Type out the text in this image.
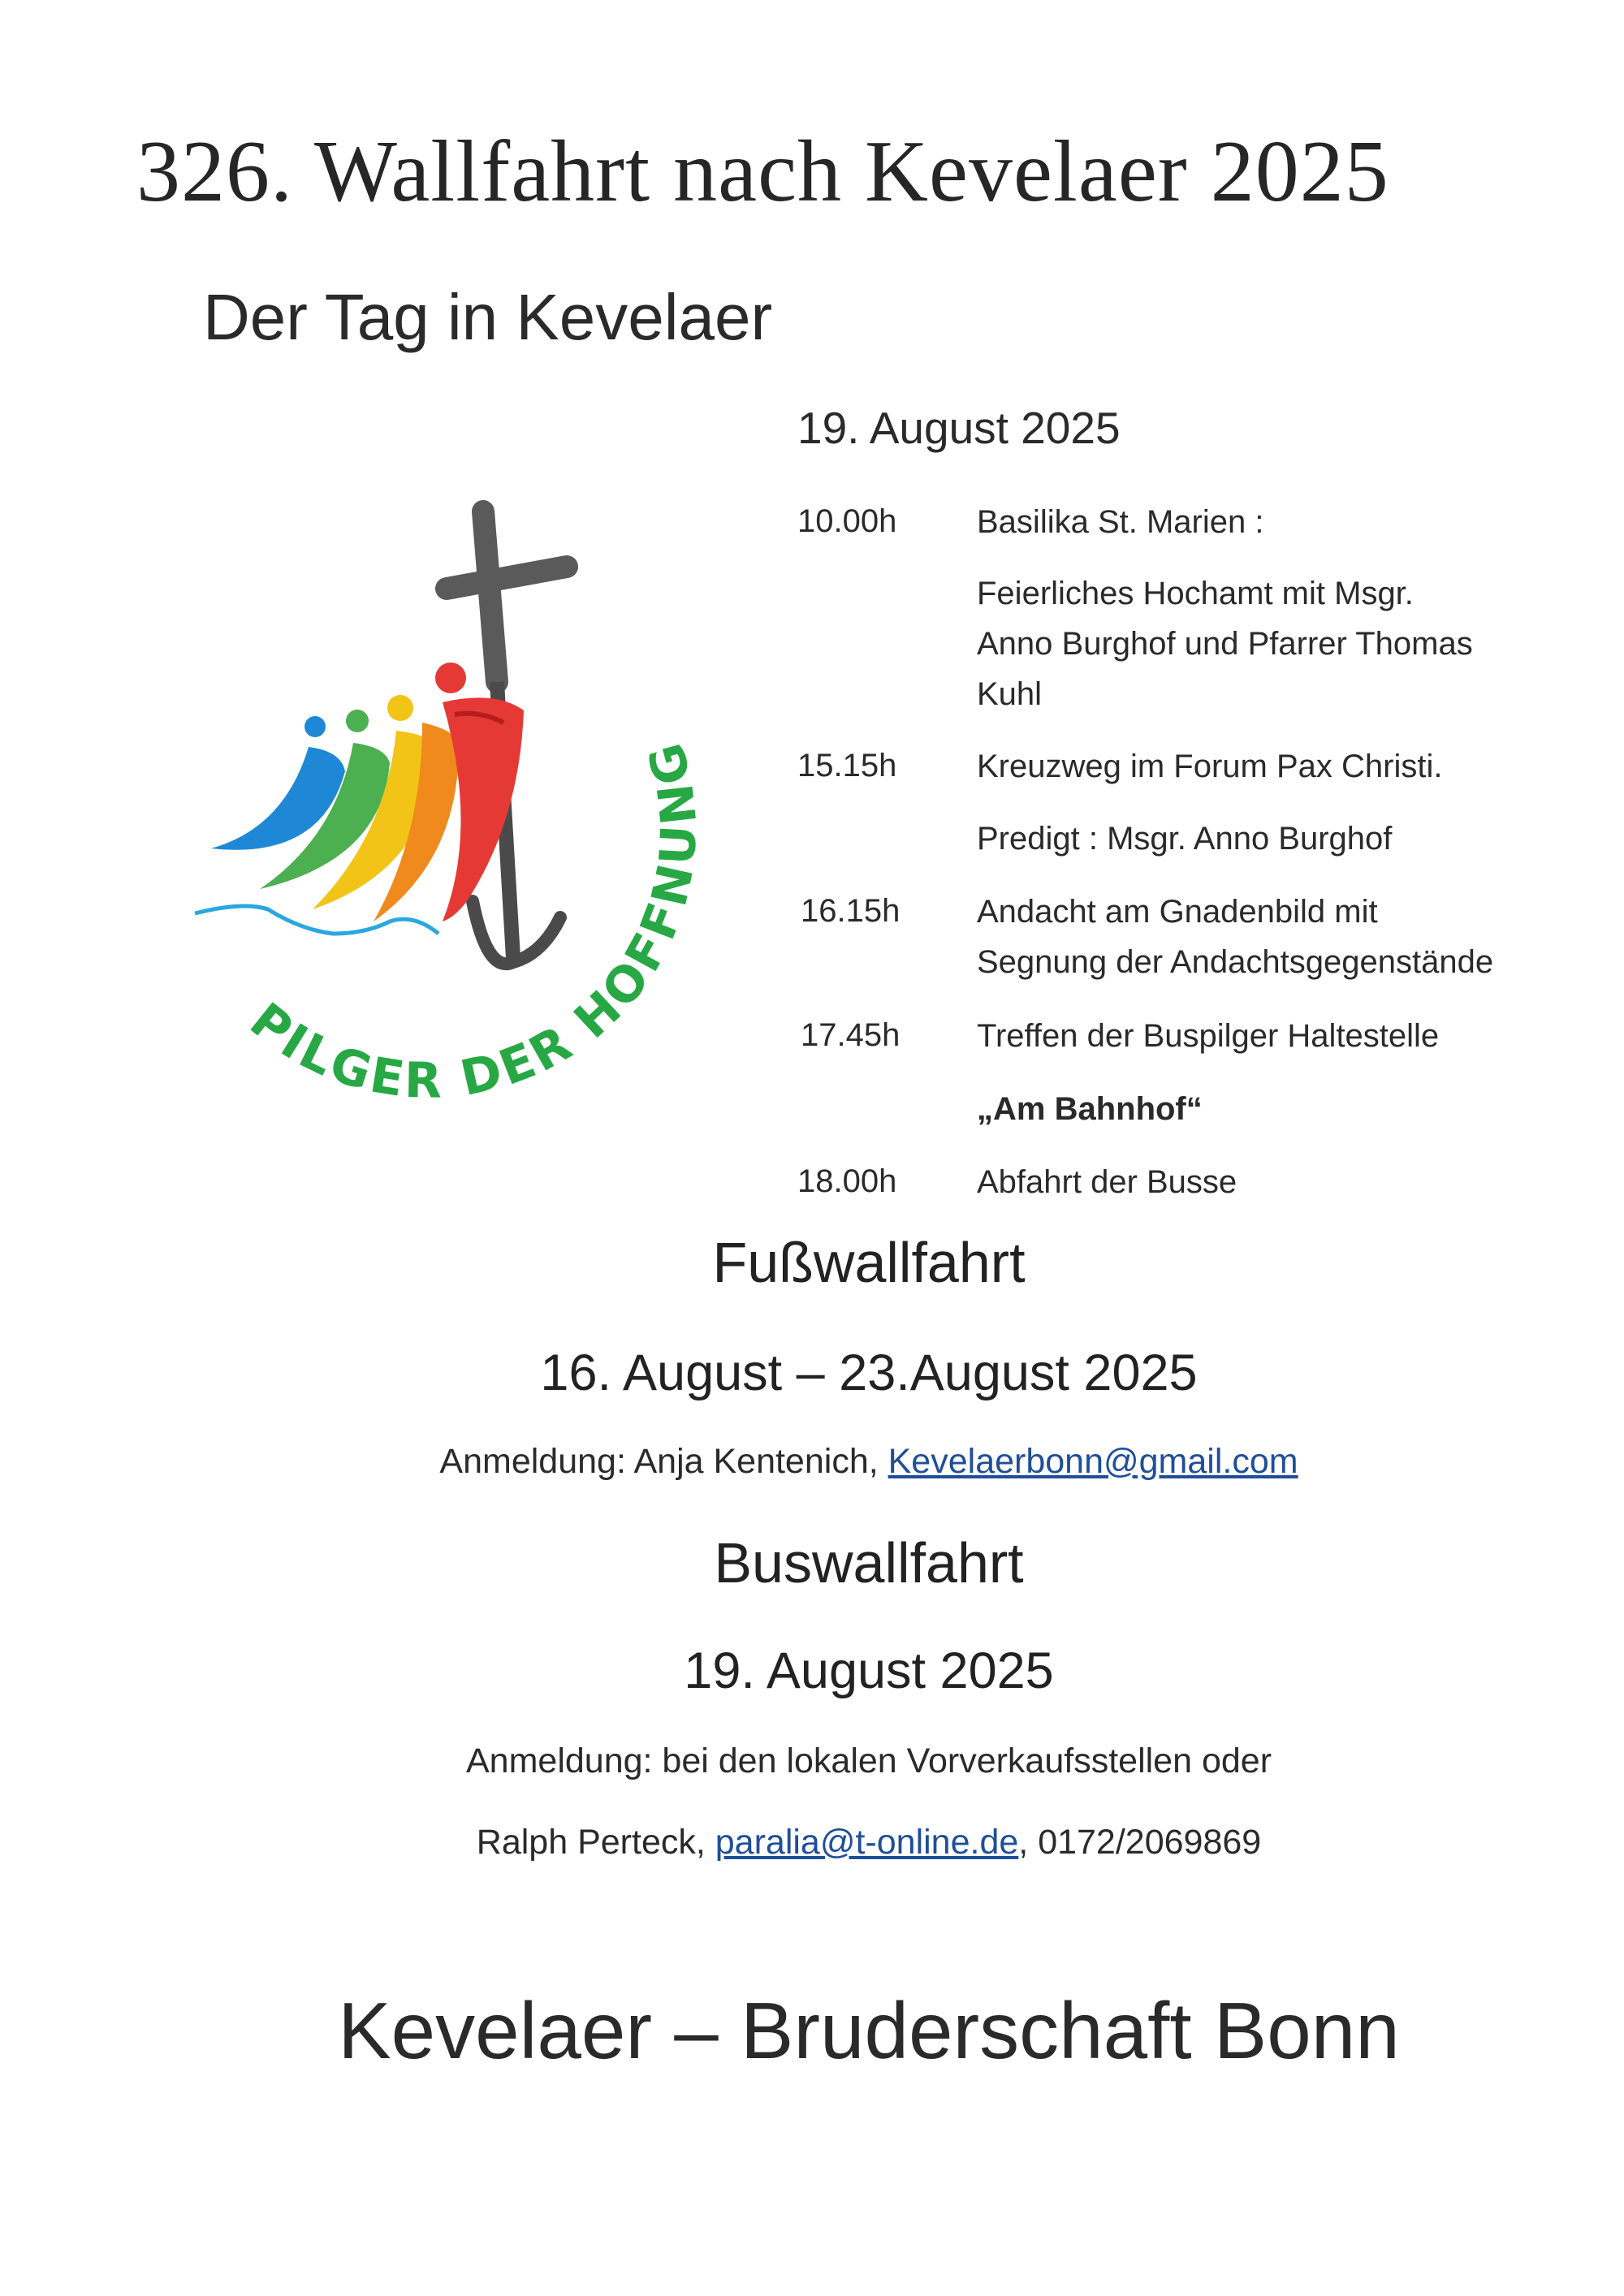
326. Wallfahrt nach Kevelaer 2025
Der Tag in Kevelaer
PILGER DER HOFFNUNG
19. August 2025
10.00h Basilika St. Marien :
Feierliches Hochamt mit Msgr.
Anno Burghof und Pfarrer Thomas
Kuhl
15.15h Kreuzweg im Forum Pax Christi.
Predigt : Msgr. Anno Burghof
16.15h Andacht am Gnadenbild mit
Segnung der Andachtsgegenstände
17.45h Treffen der Buspilger Haltestelle
„Am Bahnhof“
18.00h Abfahrt der Busse
Fußwallfahrt
16. August – 23.August 2025
Anmeldung: Anja Kentenich, Kevelaerbonn@gmail.com
Buswallfahrt
19. August 2025
Anmeldung: bei den lokalen Vorverkaufsstellen oder
Ralph Perteck, paralia@t-online.de, 0172/2069869
Kevelaer – Bruderschaft Bonn
